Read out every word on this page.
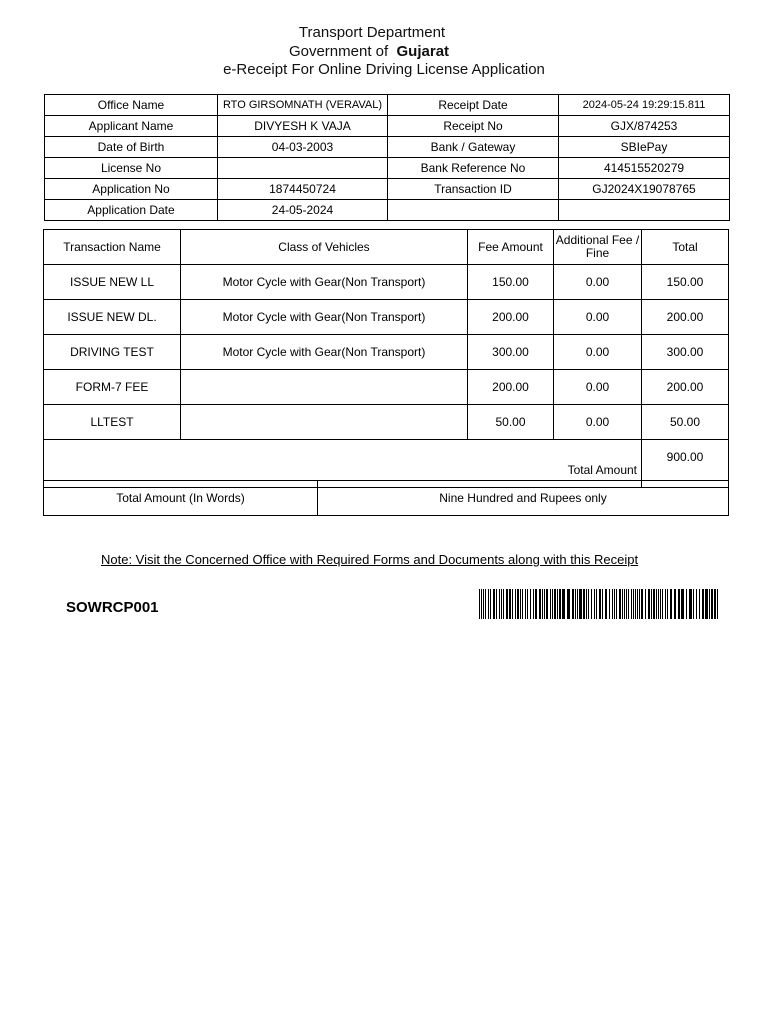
Transport Department
Government of Gujarat
e-Receipt For Online Driving License Application
Office Name	RTO GIRSOMNATH (VERAVAL)	Receipt Date	2024-05-24 19:29:15.811
Applicant Name	DIVYESH K VAJA	Receipt No	GJX/874253
Date of Birth	04-03-2003	Bank / Gateway	SBIePay
License No		Bank Reference No	414515520279
Application No	1874450724	Transaction ID	GJ2024X19078765
Application Date	24-05-2024		
Transaction Name	Class of Vehicles	Fee Amount	Additional Fee / Fine	Total
ISSUE NEW LL	Motor Cycle with Gear(Non Transport)	150.00	0.00	150.00
ISSUE NEW DL.	Motor Cycle with Gear(Non Transport)	200.00	0.00	200.00
DRIVING TEST	Motor Cycle with Gear(Non Transport)	300.00	0.00	300.00
FORM-7 FEE		200.00	0.00	200.00
LLTEST		50.00	0.00	50.00
Total Amount				900.00
Total Amount (In Words)	Nine Hundred and Rupees only
Note: Visit the Concerned Office with Required Forms and Documents along with this Receipt
SOWRCP001
